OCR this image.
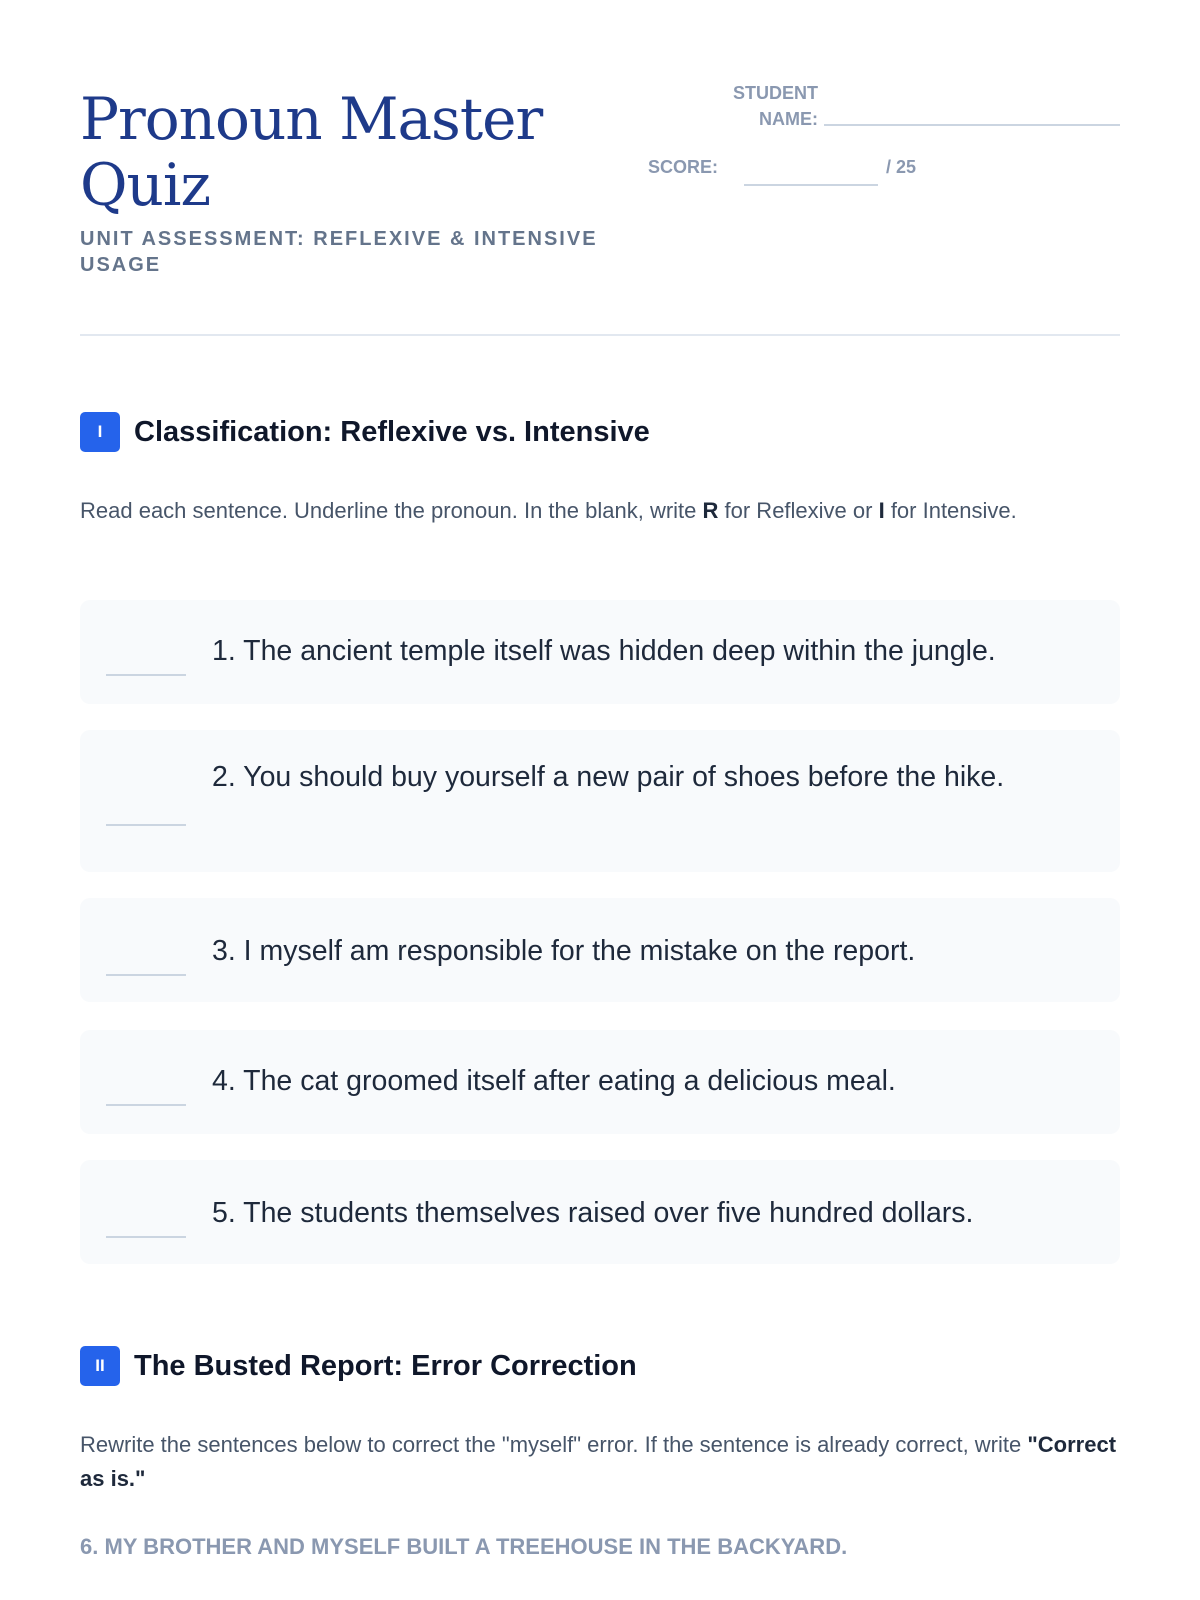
Pronoun Master Quiz
UNIT ASSESSMENT: REFLEXIVE & INTENSIVE USAGE
STUDENT NAME:
SCORE:	/ 25
I	Classification: Reflexive vs. Intensive

Read each sentence. Underline the pronoun. In the blank, write R for Reflexive or I for Intensive.

1. The ancient temple itself was hidden deep within the jungle.
2. You should buy yourself a new pair of shoes before the hike.
3. I myself am responsible for the mistake on the report.
4. The cat groomed itself after eating a delicious meal.
5. The students themselves raised over five hundred dollars.
II	The Busted Report: Error Correction

Rewrite the sentences below to correct the "myself" error. If the sentence is already correct, write "Correct as is."

6. MY BROTHER AND MYSELF BUILT A TREEHOUSE IN THE BACKYARD.
